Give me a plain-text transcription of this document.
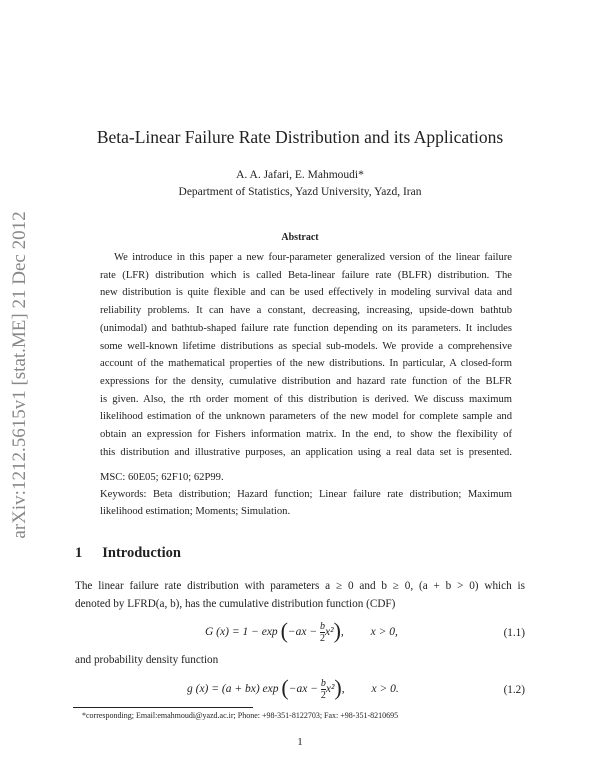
arXiv:1212.5615v1 [stat.ME] 21 Dec 2012
Beta-Linear Failure Rate Distribution and its Applications
A. A. Jafari, E. Mahmoudi*
Department of Statistics, Yazd University, Yazd, Iran
Abstract
We introduce in this paper a new four-parameter generalized version of the linear failure
rate (LFR) distribution which is called Beta-linear failure rate (BLFR) distribution. The
new distribution is quite flexible and can be used effectively in modeling survival data and
reliability problems. It can have a constant, decreasing, increasing, upside-down bathtub
(unimodal) and bathtub-shaped failure rate function depending on its parameters. It includes
some well-known lifetime distributions as special sub-models. We provide a comprehensive
account of the mathematical properties of the new distributions. In particular, A closed-form
expressions for the density, cumulative distribution and hazard rate function of the BLFR
is given. Also, the rth order moment of this distribution is derived. We discuss maximum
likelihood estimation of the unknown parameters of the new model for complete sample and
obtain an expression for Fishers information matrix. In the end, to show the flexibility of
this distribution and illustrative purposes, an application using a real data set is presented.
MSC: 60E05; 62F10; 62P99.
Keywords: Beta distribution; Hazard function; Linear failure rate distribution; Maximum
likelihood estimation; Moments; Simulation.
1 Introduction
The linear failure rate distribution with parameters a ≥ 0 and b ≥ 0, (a + b > 0) which is
denoted by LFRD(a, b), has the cumulative distribution function (CDF)
G $(x) = 1 - \exp (-ax - \frac{b}{2} x^2)$, x > 0,	(1.1)
and probability density function
g (x) = (a + bx) $\exp (-ax - \frac{b}{2} x^2)$, x > 0.	(1.2)
*corresponding; Email:emahmoudi@yazd.ac.ir; Phone: +98-351-8122703; Fax: +98-351-8210695
1
